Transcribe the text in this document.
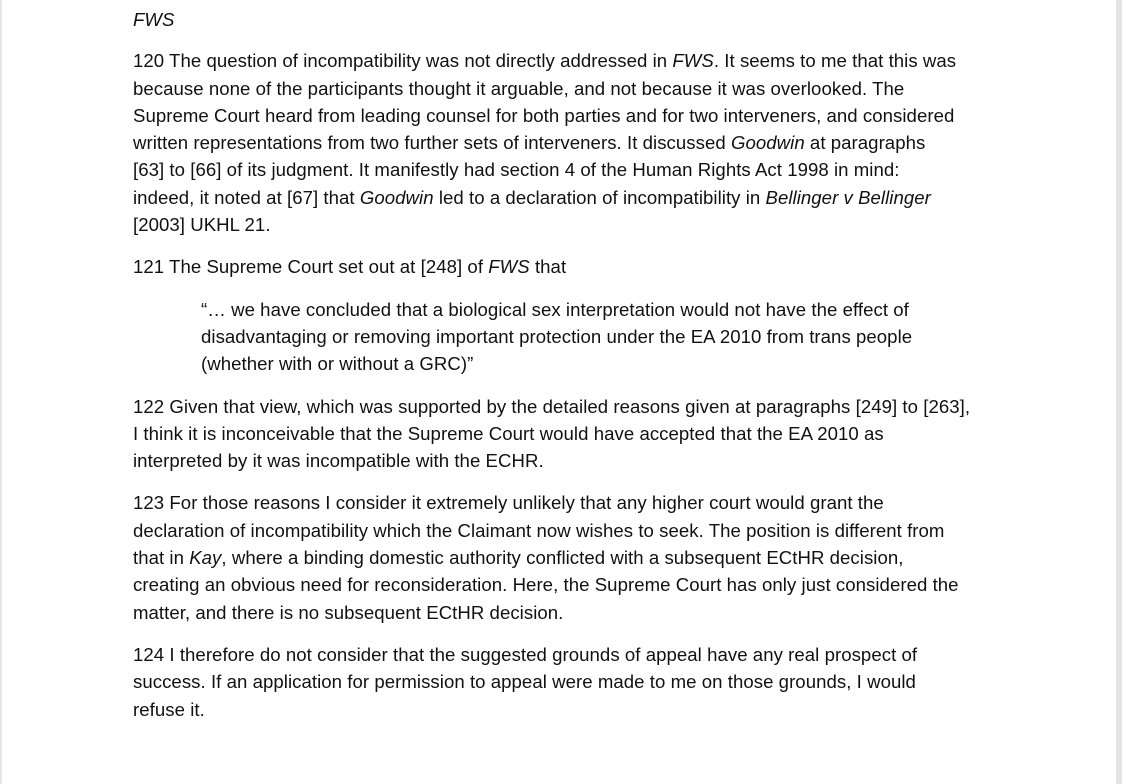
FWS
120 The question of incompatibility was not directly addressed in FWS. It seems to me that this was
because none of the participants thought it arguable, and not because it was overlooked. The
Supreme Court heard from leading counsel for both parties and for two interveners, and considered
written representations from two further sets of interveners. It discussed Goodwin at paragraphs
[63] to [66] of its judgment. It manifestly had section 4 of the Human Rights Act 1998 in mind:
indeed, it noted at [67] that Goodwin led to a declaration of incompatibility in Bellinger v Bellinger
[2003] UKHL 21.
121 The Supreme Court set out at [248] of FWS that
“… we have concluded that a biological sex interpretation would not have the effect of
disadvantaging or removing important protection under the EA 2010 from trans people
(whether with or without a GRC)”
122 Given that view, which was supported by the detailed reasons given at paragraphs [249] to [263],
I think it is inconceivable that the Supreme Court would have accepted that the EA 2010 as
interpreted by it was incompatible with the ECHR.
123 For those reasons I consider it extremely unlikely that any higher court would grant the
declaration of incompatibility which the Claimant now wishes to seek. The position is different from
that in Kay, where a binding domestic authority conflicted with a subsequent ECtHR decision,
creating an obvious need for reconsideration. Here, the Supreme Court has only just considered the
matter, and there is no subsequent ECtHR decision.
124 I therefore do not consider that the suggested grounds of appeal have any real prospect of
success. If an application for permission to appeal were made to me on those grounds, I would
refuse it.
